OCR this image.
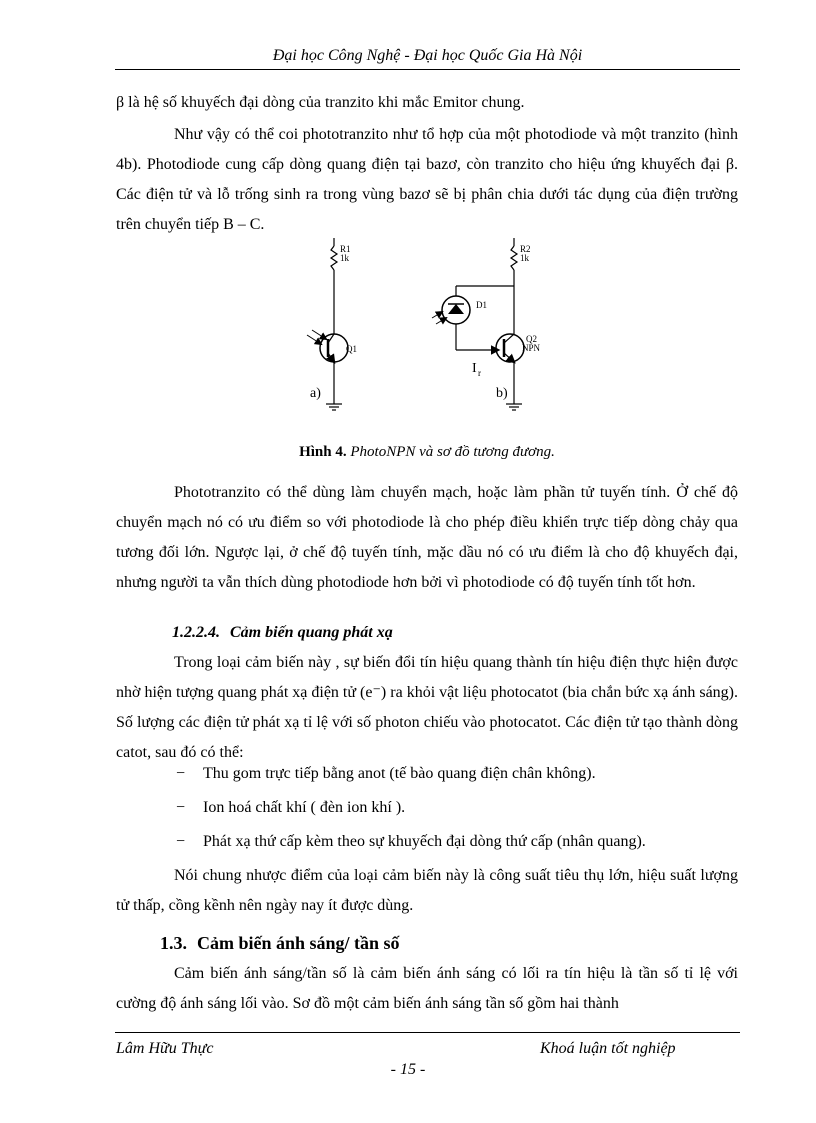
Đại học Công Nghệ - Đại học Quốc Gia Hà Nội

β là hệ số khuyếch đại dòng của tranzito khi mắc Emitor chung.

Như vậy có thể coi phototranzito như tổ hợp của một photodiode và một tranzito (hình 4b). Photodiode cung cấp dòng quang điện tại bazơ, còn tranzito cho hiệu ứng khuyếch đại β. Các điện tử và lỗ trống sinh ra trong vùng bazơ sẽ bị phân chia dưới tác dụng của điện trường trên chuyển tiếp B – C.

R1
1k
Q1
a)
R2
1k
D1
Q2
NPN
I r
b)
Hình 4. PhotoNPN và sơ đồ tương đương.

Phototranzito có thể dùng làm chuyển mạch, hoặc làm phần tử tuyến tính. Ở chế độ chuyển mạch nó có ưu điểm so với photodiode là cho phép điều khiển trực tiếp dòng chảy qua tương đối lớn. Ngược lại, ở chế độ tuyến tính, mặc dầu nó có ưu điểm là cho độ khuyếch đại, nhưng người ta vẫn thích dùng photodiode hơn bởi vì photodiode có độ tuyến tính tốt hơn.

1.2.2.4. Cảm biến quang phát xạ

Trong loại cảm biến này , sự biến đổi tín hiệu quang thành tín hiệu điện thực hiện được nhờ hiện tượng quang phát xạ điện tử (e⁻) ra khỏi vật liệu photocatot (bia chắn bức xạ ánh sáng). Số lượng các điện tử phát xạ tỉ lệ với số photon chiếu vào photocatot. Các điện tử tạo thành dòng catot, sau đó có thể:

− Thu gom trực tiếp bằng anot (tế bào quang điện chân không).
− Ion hoá chất khí ( đèn ion khí ).
− Phát xạ thứ cấp kèm theo sự khuyếch đại dòng thứ cấp (nhân quang).

Nói chung nhược điểm của loại cảm biến này là công suất tiêu thụ lớn, hiệu suất lượng tử thấp, cồng kềnh nên ngày nay ít được dùng.

1.3. Cảm biến ánh sáng/ tần số

Cảm biến ánh sáng/tần số là cảm biến ánh sáng có lối ra tín hiệu là tần số tỉ lệ với cường độ ánh sáng lối vào. Sơ đồ một cảm biến ánh sáng tần số gồm hai thành

Lâm Hữu Thực	Khoá luận tốt nghiệp
- 15 -
